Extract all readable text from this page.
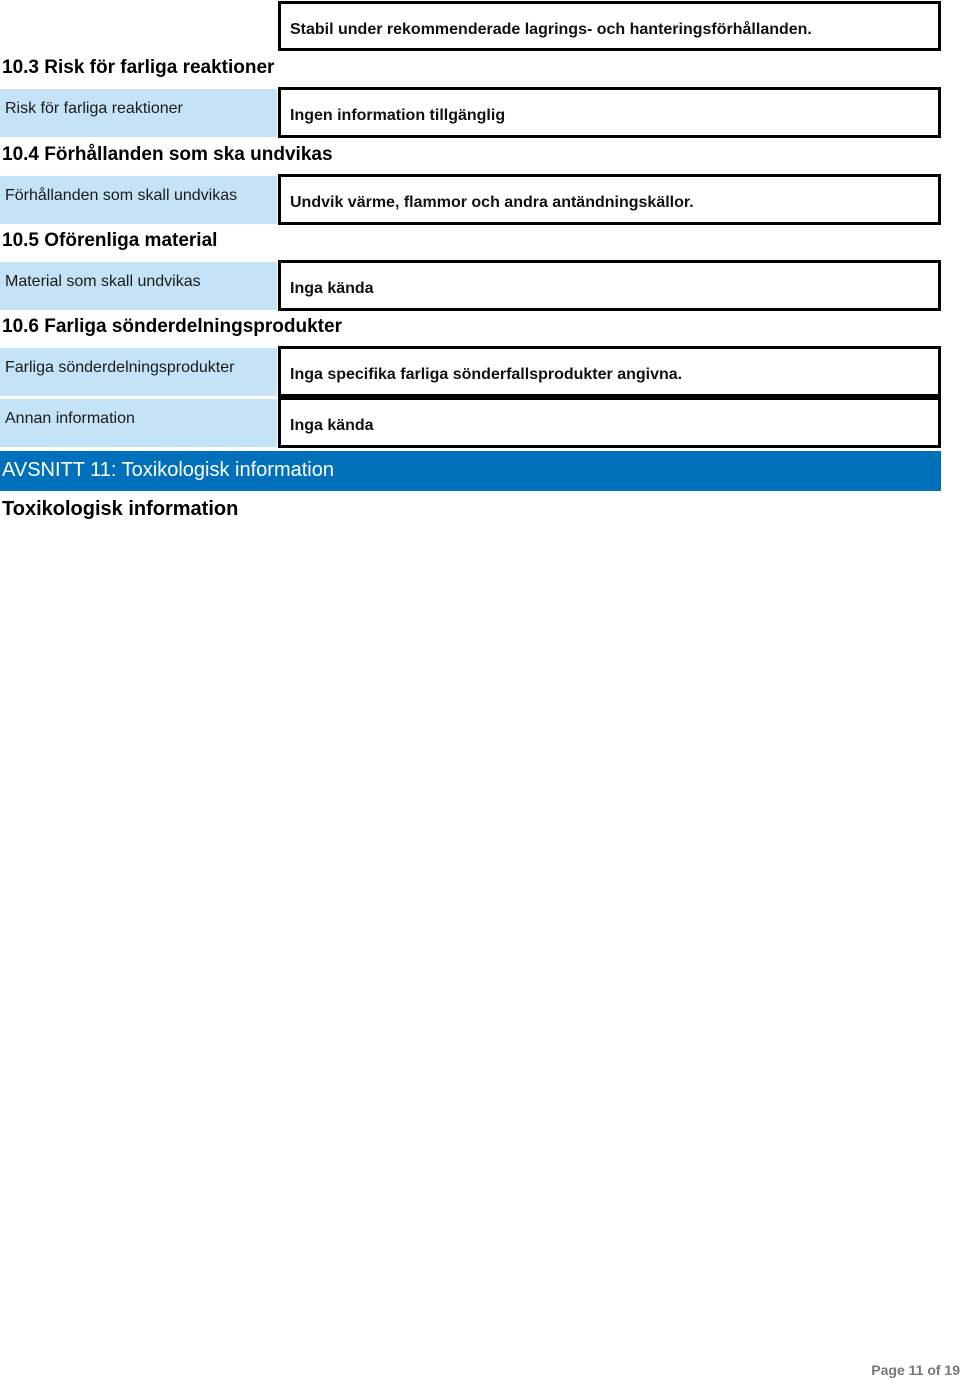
Stabil under rekommenderade lagrings- och hanteringsförhållanden.
10.3 Risk för farliga reaktioner
Risk för farliga reaktioner	Ingen information tillgänglig
10.4 Förhållanden som ska undvikas
Förhållanden som skall undvikas	Undvik värme, flammor och andra antändningskällor.
10.5 Oförenliga material
Material som skall undvikas	Inga kända
10.6 Farliga sönderdelningsprodukter
Farliga sönderdelningsprodukter	Inga specifika farliga sönderfallsprodukter angivna.
Annan information	Inga kända
AVSNITT 11: Toxikologisk information
Toxikologisk information
Page 11 of 19
